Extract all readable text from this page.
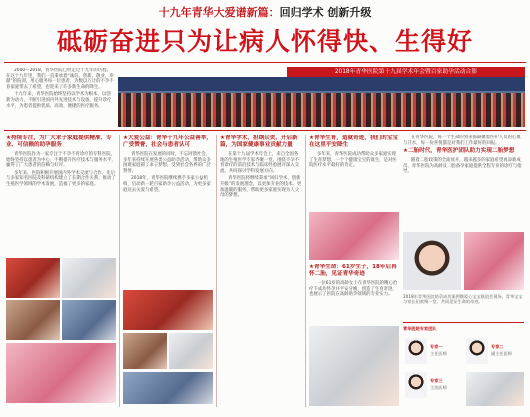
十九年青华大爱谱新篇：回归学术 创新升级
砥砺奋进只为让病人怀得快、生得好

2000—2018，青华医院已经走过十九年的历程。在这十九年里，我们一直秉承着“诚信、创新、敬业、奉献”的院训，用心服务每一位患者，为数以万计的不孕不育家庭带去了希望，也迎来了许多新生命的降生。

十九年来，青华医院始终坚持以学术为根本，以创新为动力，不断引进国内外先进技术与设备，提升诊疗水平，为患者提供优质、高效、便捷的医疗服务。

2018年青华医院第十九届学术年会暨百家助孕活动合影
★持续专注，为广大求子家庭提供精准、专业、可信赖的助孕服务

青华医院作为一家专注于不孕不育诊疗的专科医院，始终坚持以患者为中心，不断提升医疗技术与服务水平，赢得了广大患者的信赖与好评。

多年来，医院积极开展国内外学术交流与合作，先后与多家知名医院及科研机构建立了长期合作关系，推动了生殖医学领域的学术发展，造福了更多的家庭。

★大爱公益：青华十九年公益善举，广受赞誉，社会与患者认可

青华医院在发展的同时，不忘回馈社会，多年来持续开展各类公益助孕活动，帮助众多困难家庭圆了求子梦想，受到社会各界的广泛赞誉。

2018年，青华医院继续携手多家公益机构，启动新一轮百家助孕公益活动，为更多家庭送去关爱与希望。

★青华学术，担纲众责，开启新篇，为国家健康事业贡献力量

在第十九届学术年会上，来自全国各地的生殖医学专家齐聚一堂，围绕不孕不育诊疗的前沿技术与临床经验展开深入交流，共同探讨学科发展方向。

青华医院将继续秉承“回归学术、创新升级”的发展理念，以更加专业的技术、更加温暖的服务，帮助更多家庭实现为人父母的梦想。

★青华生育，造就奇迹，我们的宝宝在这里平安降生

多年来，青华医院成功帮助众多家庭实现了生育梦想，一个个健康宝宝的诞生，是对医院医疗水平最好的肯定。

★青华生命：61岁生子，18年后再怀二胎，见证青华奇迹

一位61岁的高龄女士在青华医院的精心治疗下成功怀孕并平安分娩，创造了生育奇迹，也展示了医院在高龄助孕领域的专业实力。

在青华医院，每一个生命的到来都凝聚着医护人员的心血与汗水，每一份喜悦都是对我们工作最好的回报。

★二胎时代，青华医护团队助力实现二胎梦想

随着二胎政策的全面放开，越来越多的家庭希望再添新成员，青华医院为高龄及二胎备孕家庭提供全程专业的诊疗与指导。

2018年青华医院助孕成功案例暨爱心宝宝联谊会现场。青华宝宝与家长们欢聚一堂，共同见证生命的奇迹。
青华医院专家团队
专家一
主任医师
专家二
副主任医师
专家三
主治医师
